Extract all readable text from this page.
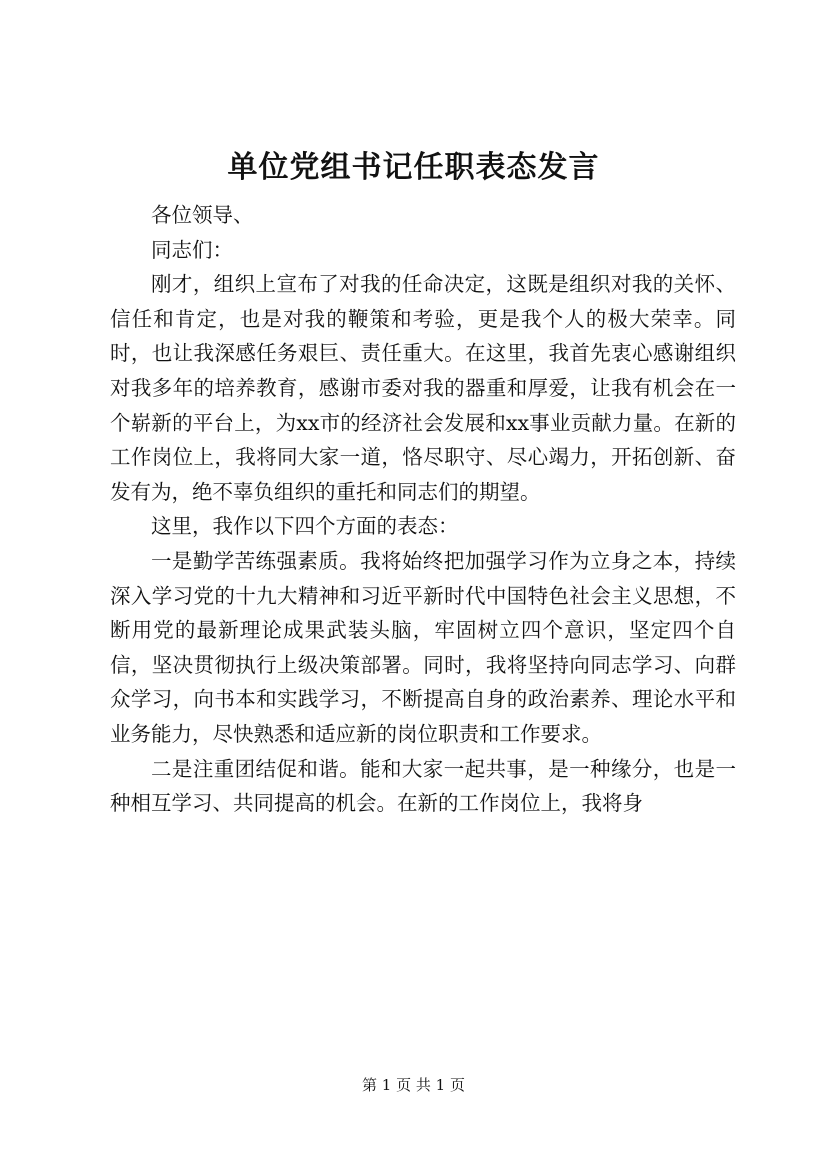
单位党组书记任职表态发言

各位领导、

同志们：

刚才，组织上宣布了对我的任命决定，这既是组织对我的关怀、信任和肯定，也是对我的鞭策和考验，更是我个人的极大荣幸。同时，也让我深感任务艰巨、责任重大。在这里，我首先衷心感谢组织对我多年的培养教育，感谢市委对我的器重和厚爱，让我有机会在一个崭新的平台上，为xx市的经济社会发展和xx事业贡献力量。在新的工作岗位上，我将同大家一道，恪尽职守、尽心竭力，开拓创新、奋发有为，绝不辜负组织的重托和同志们的期望。

这里，我作以下四个方面的表态：

一是勤学苦练强素质。我将始终把加强学习作为立身之本，持续深入学习党的十九大精神和习近平新时代中国特色社会主义思想，不断用党的最新理论成果武装头脑，牢固树立四个意识，坚定四个自信，坚决贯彻执行上级决策部署。同时，我将坚持向同志学习、向群众学习，向书本和实践学习，不断提高自身的政治素养、理论水平和业务能力，尽快熟悉和适应新的岗位职责和工作要求。

二是注重团结促和谐。能和大家一起共事，是一种缘分，也是一种相互学习、共同提高的机会。在新的工作岗位上，我将身

第 1 页 共 1 页
